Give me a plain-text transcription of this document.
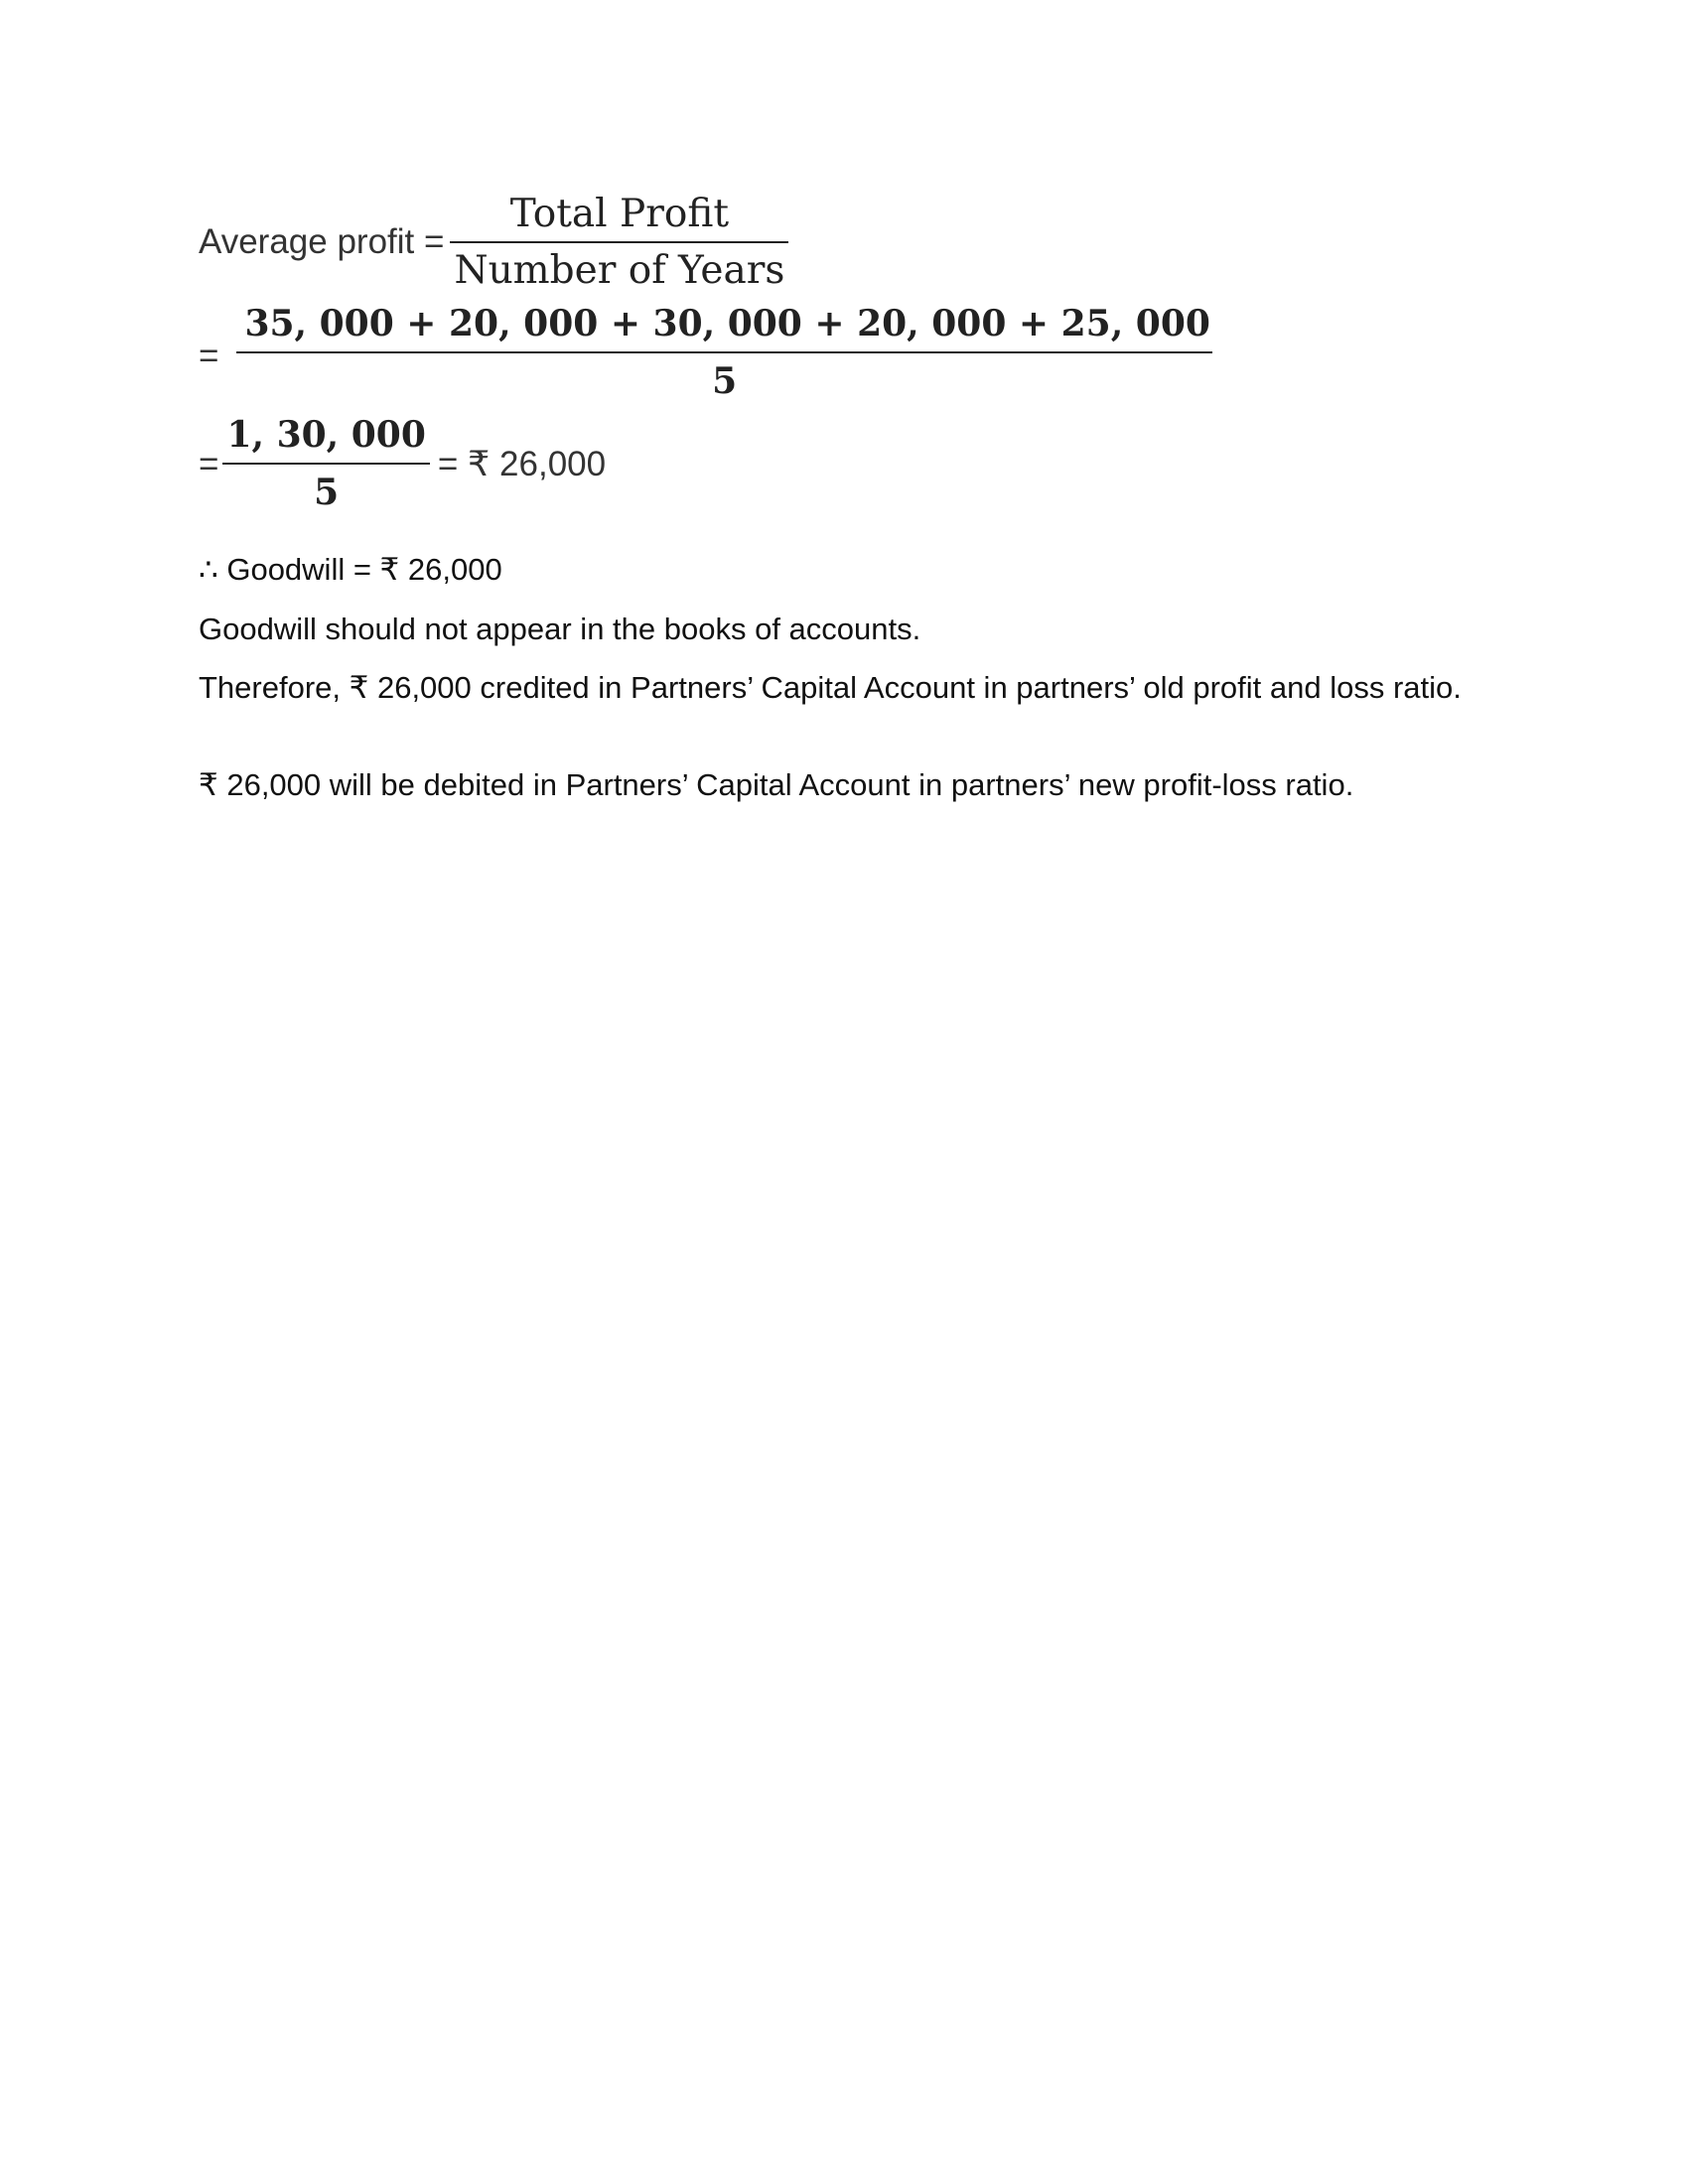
Average profit = $\frac{\text{Total Profit}}{\text{Number of Years}}$
= $\frac{35, 000 + 20, 000 + 30, 000 + 20, 000 + 25, 000}{5}$
= $\frac{1, 30, 000}{5}$ = ₹ 26,000

∴ Goodwill = ₹ 26,000

Goodwill should not appear in the books of accounts.

Therefore, ₹ 26,000 credited in Partners’ Capital Account in partners’ old profit and loss ratio.

₹ 26,000 will be debited in Partners’ Capital Account in partners’ new profit-loss ratio.
